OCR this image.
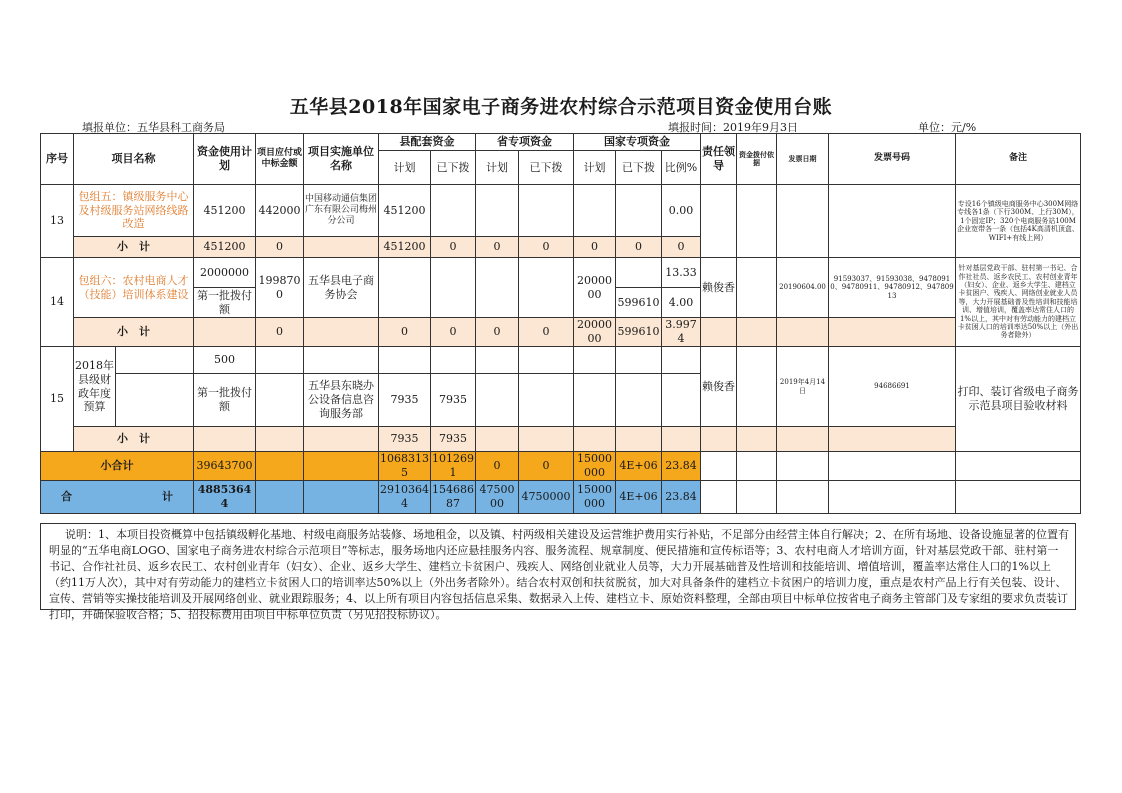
五华县2018年国家电子商务进农村综合示范项目资金使用台账
填报单位：五华县科工商务局	填报时间：2019年9月3日	单位：元/%
序号	项目名称		资金使用计划	项目应付或中标金额	项目实施单位名称	县配套资金		省专项资金		国家专项资金			责任领导	资金拨付依据	发票日期	发票号码	备注
						计划	已下拨	计划	已下拨	计划	已下拨	比例%					
13	包组五：镇级服务中心及村级服务站网络线路改造		451200	442000	中国移动通信集团广东有限公司梅州分公司	451200						0.00					专设16个镇级电商服务中心300M网络专线各1条（下行300M、上行30M），1个固定IP；320个电商服务站100M企业宽带各一条（包括4K高清机顶盒、WIFI+有线上网）
	小　计		451200	0		451200	0	0	0	0	0	0					
14	包组六：农村电商人才（技能）培训体系建设		2000000	1998700	五华县电子商务协会					2000000		13.33	赖俊香		20190604.00	91593037、91593038、94780910、94780911、94780912、94780913	针对基层党政干部、驻村第一书记、合作社社员、返乡农民工、农村创业青年（妇女）、企业、返乡大学生、建档立卡贫困户、残疾人、网络创业就业人员等，大力开展基础普及性培训和技能培训、增值培训，覆盖率达常住人口的1%以上，其中对有劳动能力的建档立卡贫困人口的培训率达50%以上（外出务者除外）
			第一批拨付额								599610	4.00					
	小　计			0		0	0	0	0	2000000	599610	3.9974					
15	2018年县级财政年度预算		500										赖俊香		2019年4月14日	94686691	打印、装订省级电子商务示范县项目验收材料
			第一批拨付额		五华县东晓办公设备信息咨询服务部	7935	7935										
	小　计					7935	7935										
小合计			39643700			10683135	1012691	0	0	15000000	4E+06	23.84					
合 计			48853644			29103644	15468687	4750000	4750000	15000000	4E+06	23.84					
说明：1、本项目投资概算中包括镇级孵化基地、村级电商服务站装修、场地租金，以及镇、村两级相关建设及运营维护费用实行补贴，不足部分由经营主体自行解决；2、在所有场地、设备设施显著的位置有明显的“五华电商LOGO、国家电子商务进农村综合示范项目”等标志，服务场地内还应悬挂服务内容、服务流程、规章制度、便民措施和宣传标语等；3、农村电商人才培训方面，针对基层党政干部、驻村第一书记、合作社社员、返乡农民工、农村创业青年（妇女）、企业、返乡大学生、建档立卡贫困户、残疾人、网络创业就业人员等，大力开展基础普及性培训和技能培训、增值培训，覆盖率达常住人口的1%以上（约11万人次），其中对有劳动能力的建档立卡贫困人口的培训率达50%以上（外出务者除外）。结合农村双创和扶贫脱贫，加大对具备条件的建档立卡贫困户的培训力度，重点是农村产品上行有关包装、设计、宣传、营销等实操技能培训及开展网络创业、就业跟踪服务；4、以上所有项目内容包括信息采集、数据录入上传、建档立卡、原始资料整理，全部由项目中标单位按省电子商务主管部门及专家组的要求负责装订打印，并确保验收合格；5、招投标费用由项目中标单位负责（另见招投标协议）。
